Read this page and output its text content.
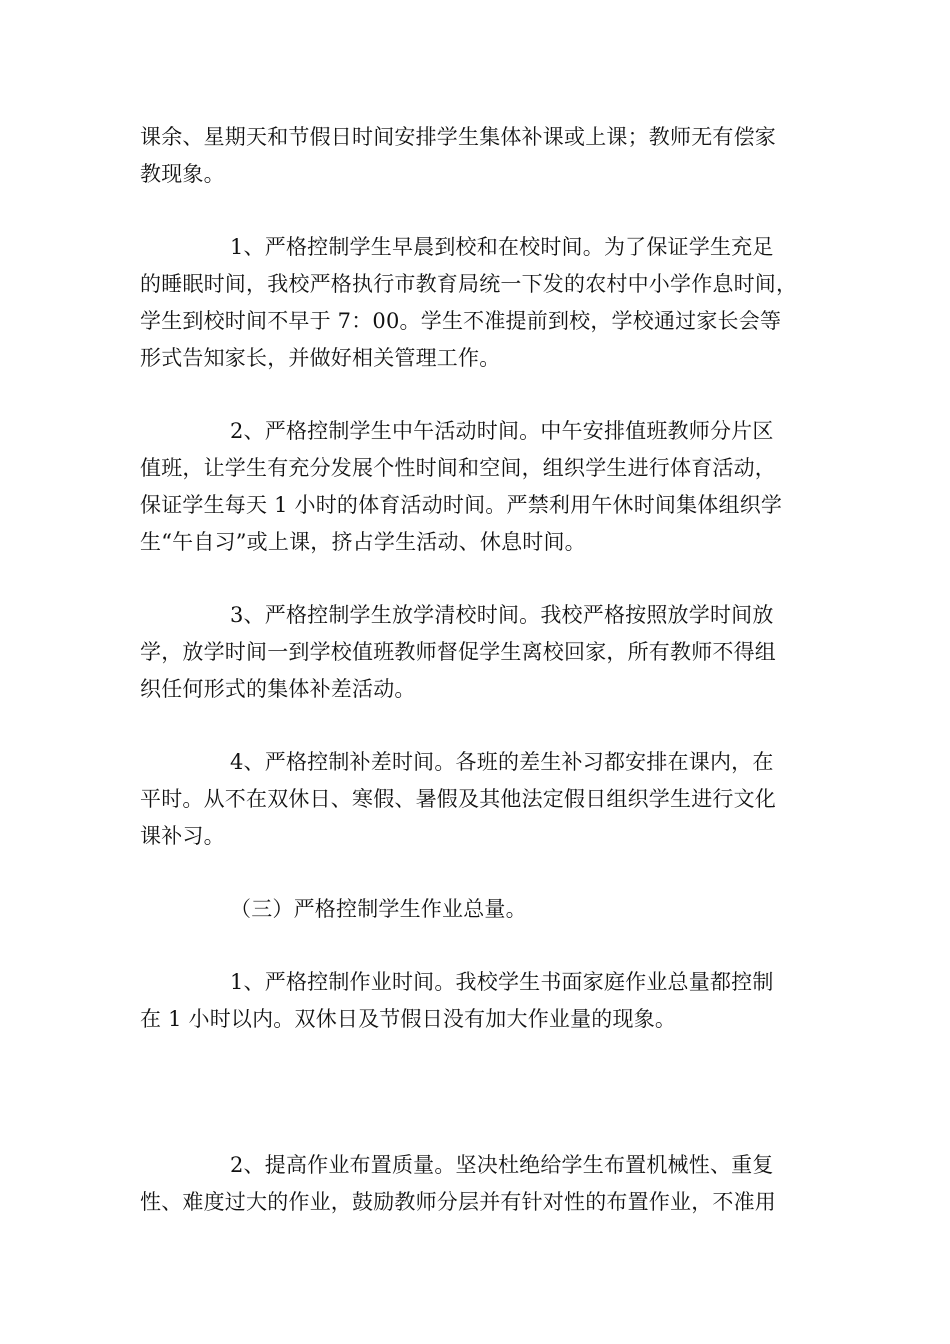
课余、星期天和节假日时间安排学生集体补课或上课；教师无有偿家
教现象。
1、严格控制学生早晨到校和在校时间。为了保证学生充足
的睡眠时间，我校严格执行市教育局统一下发的农村中小学作息时间，
学生到校时间不早于 7：00。学生不准提前到校，学校通过家长会等
形式告知家长，并做好相关管理工作。
2、严格控制学生中午活动时间。中午安排值班教师分片区
值班，让学生有充分发展个性时间和空间，组织学生进行体育活动，
保证学生每天 1 小时的体育活动时间。严禁利用午休时间集体组织学
生“午自习”或上课，挤占学生活动、休息时间。
3、严格控制学生放学清校时间。我校严格按照放学时间放
学，放学时间一到学校值班教师督促学生离校回家，所有教师不得组
织任何形式的集体补差活动。
4、严格控制补差时间。各班的差生补习都安排在课内，在
平时。从不在双休日、寒假、暑假及其他法定假日组织学生进行文化
课补习。
（三）严格控制学生作业总量。
1、严格控制作业时间。我校学生书面家庭作业总量都控制
在 1 小时以内。双休日及节假日没有加大作业量的现象。
2、提高作业布置质量。坚决杜绝给学生布置机械性、重复
性、难度过大的作业，鼓励教师分层并有针对性的布置作业，不准用
